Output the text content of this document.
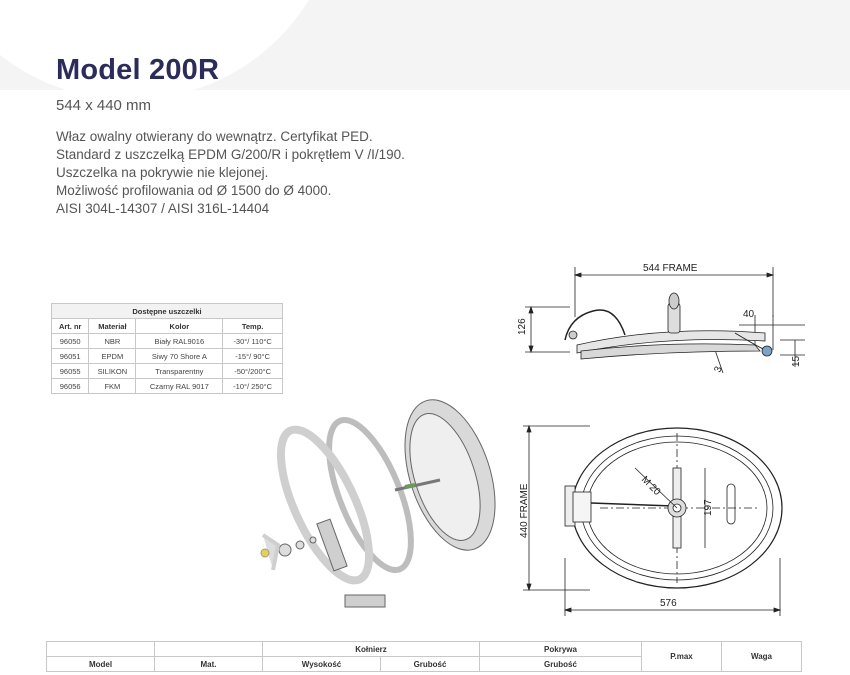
Model 200R
544 x 440 mm
Właz owalny otwierany do wewnątrz. Certyfikat PED.
Standard z uszczelką EPDM G/200/R i pokrętłem V /I/190.
Uszczelka na pokrywie nie klejonej.
Możliwość profilowania od Ø 1500 do Ø 4000.
AISI 304L-14307 / AISI 316L-14404
Dostępne uszczelki			
Art. nr	Materiał	Kolor	Temp.
96050	NBR	Biały RAL9016	-30°/ 110°C
96051	EPDM	Siwy 70 Shore A	-15°/ 90°C
96055	SILIKON	Transparentny	-50°/200°C
96056	FKM	Czarny RAL 9017	-10°/ 250°C
544 FRAME
126
40
3
15
440 FRAME
576
M 20
197
		Kołnierz		Pokrywa	P.max	Waga
Model	Mat.	Wysokość	Grubość	Grubość		
